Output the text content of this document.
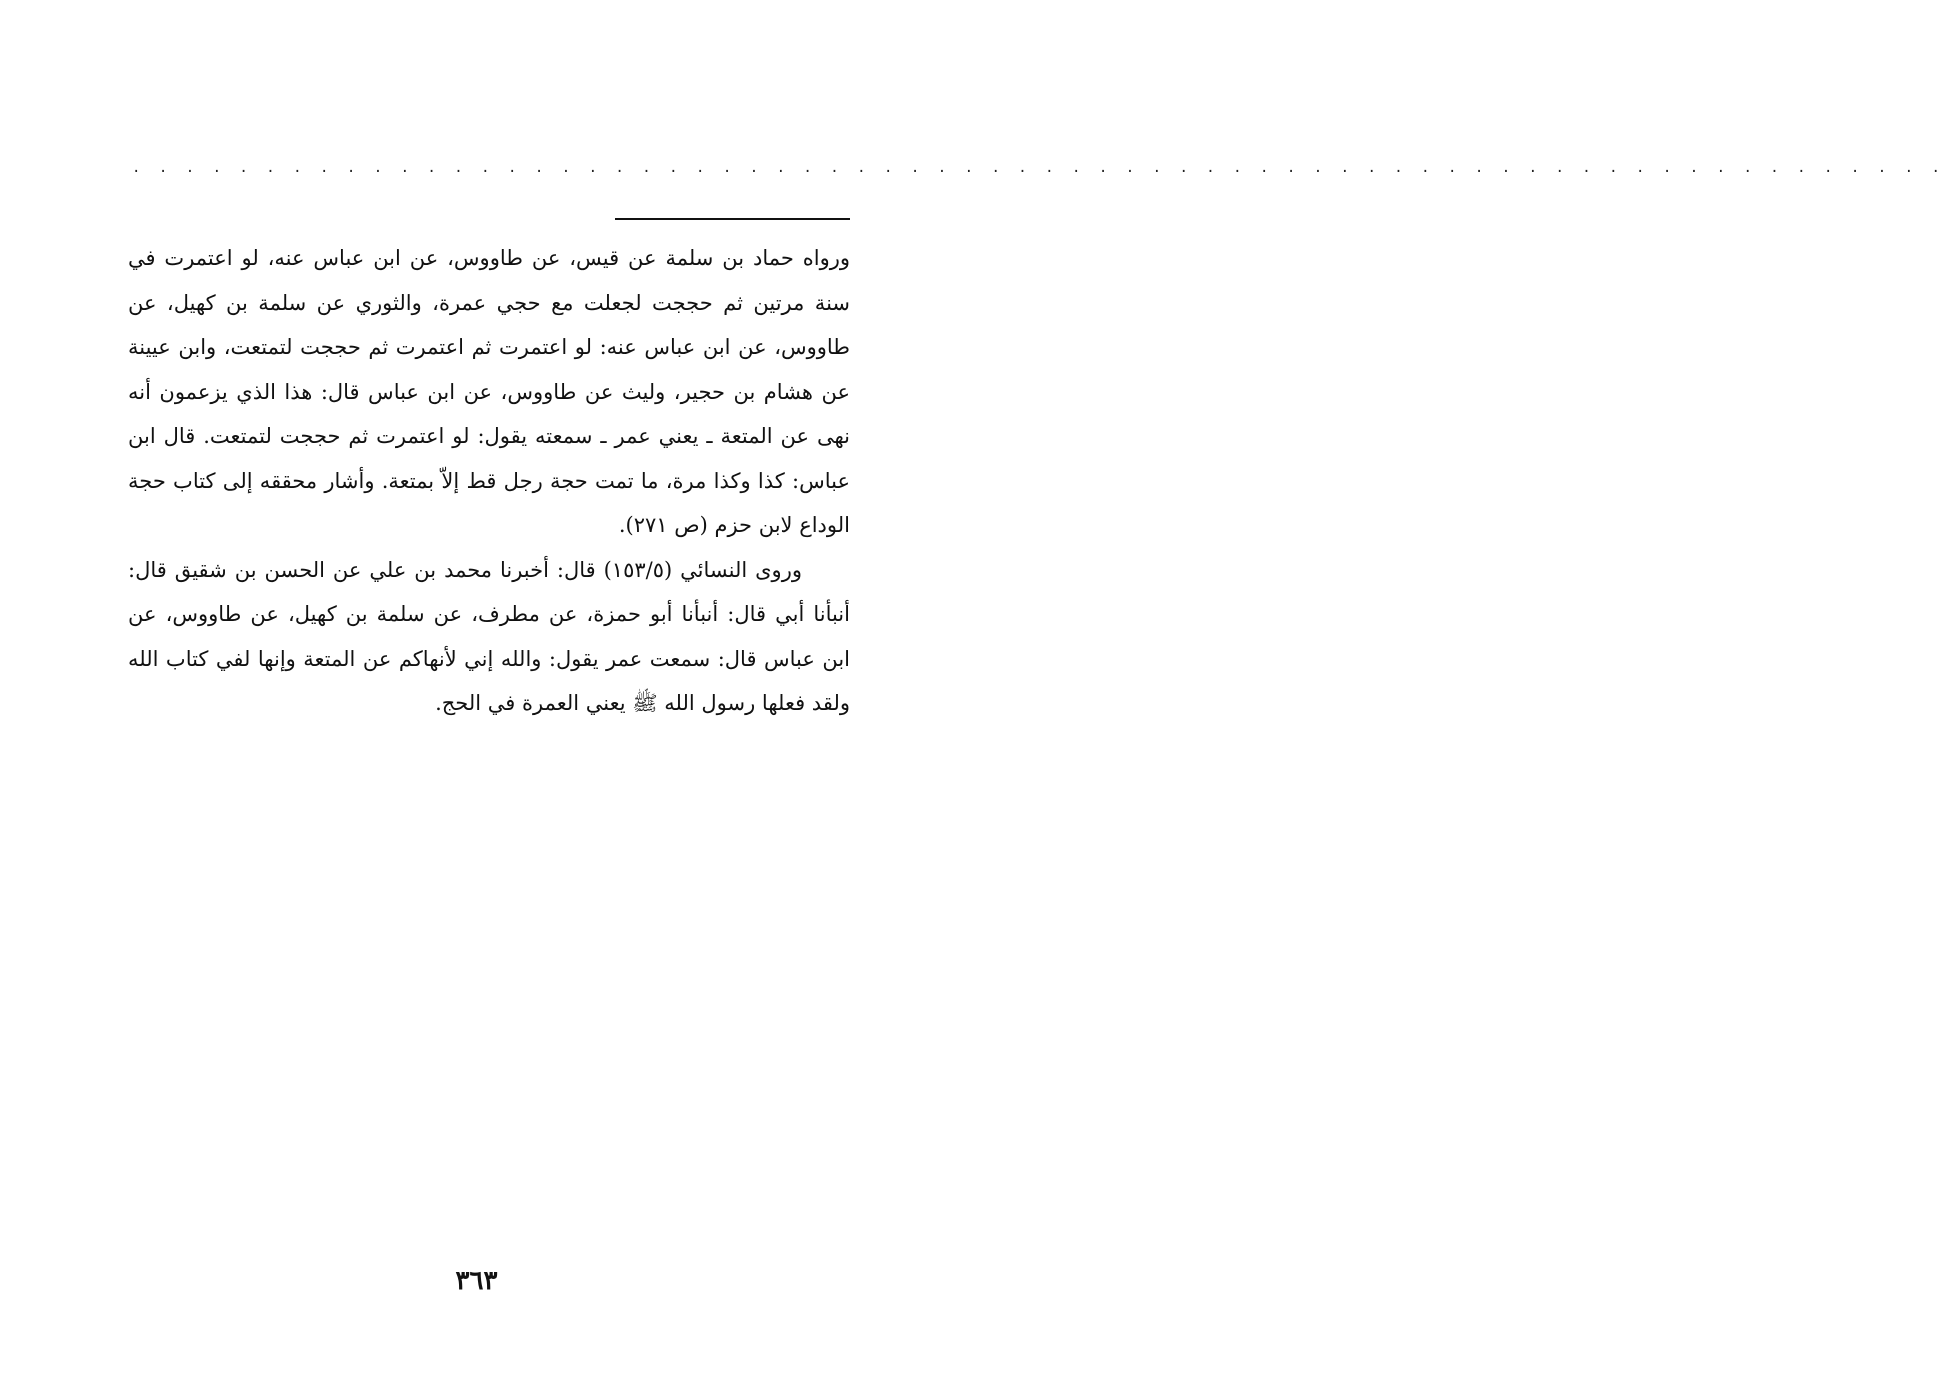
. . . . . . . . . . . . . . . . . . . . . . . . . . . . . . . . . . . . . . . . . . . . . . . . . . . . . . . . . . . . . . . . . . . .

ورواه حماد بن سلمة عن قيس، عن طاووس، عن ابن عباس عنه، لو اعتمرت في سنة مرتين ثم حججت لجعلت مع حجي عمرة، والثوري عن سلمة بن كهيل، عن طاووس، عن ابن عباس عنه: لو اعتمرت ثم اعتمرت ثم حججت لتمتعت، وابن عيينة عن هشام بن حجير، وليث عن طاووس، عن ابن عباس قال: هذا الذي يزعمون أنه نهى عن المتعة ـ يعني عمر ـ سمعته يقول: لو اعتمرت ثم حججت لتمتعت. قال ابن عباس: كذا وكذا مرة، ما تمت حجة رجل قط إلاّ بمتعة. وأشار محققه إلى كتاب حجة الوداع لابن حزم (ص ٢٧١).

وروى النسائي (١٥٣/٥) قال: أخبرنا محمد بن علي عن الحسن بن شقيق قال: أنبأنا أبي قال: أنبأنا أبو حمزة، عن مطرف، عن سلمة بن كهيل، عن طاووس، عن ابن عباس قال: سمعت عمر يقول: والله إني لأنهاكم عن المتعة وإنها لفي كتاب الله ولقد فعلها رسول الله ﷺ يعني العمرة في الحج.

٣٦٣
